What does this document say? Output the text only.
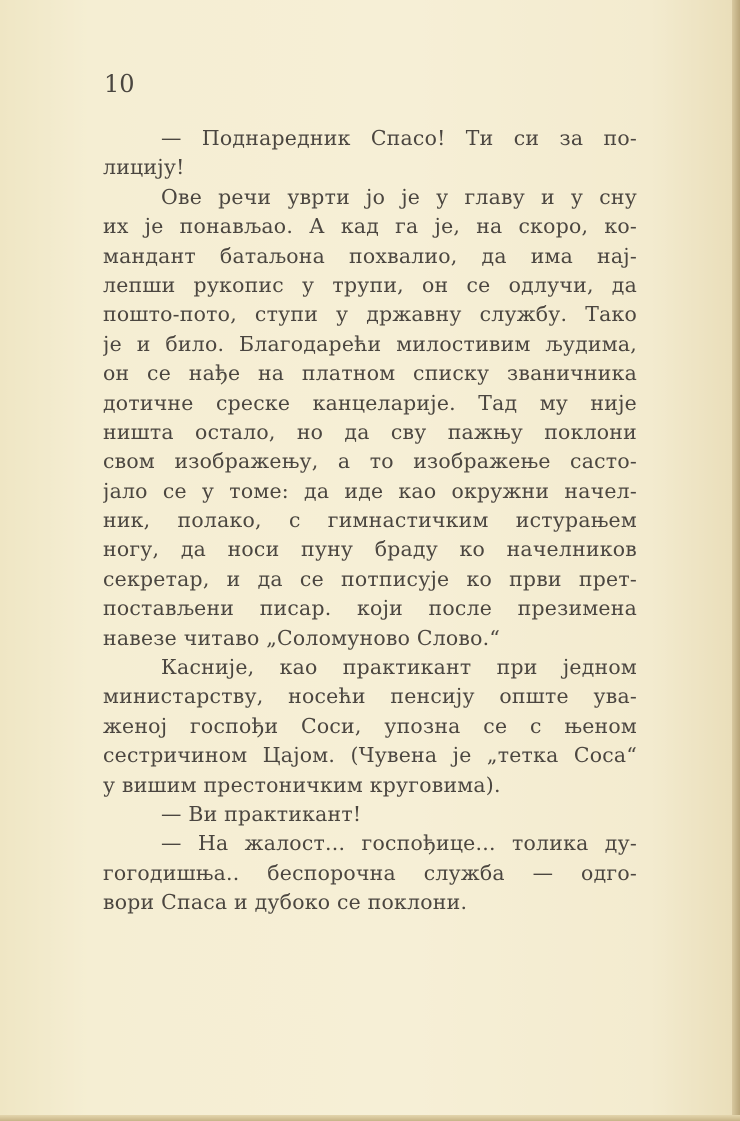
10
— Поднаредник Спасо! Ти си за по-
лицију!
Ове речи уврти јо је у главу и у сну
их је понављао. А кад га је, на скоро, ко-
мандант батаљона похвалио, да има нај-
лепши рукопис у трупи, он се одлучи, да
пошто-пото, ступи у државну службу. Тако
је и било. Благодарећи милостивим људима,
он се нађе на платном списку званичника
дотичне среске канцеларије. Тад му није
ништа остало, но да сву пажњу поклони
свом изображењу, а то изображење састо-
јало се у томе: да иде као окружни начел-
ник, полако, с гимнастичким истурањем
ногу, да носи пуну браду ко начелников
секретар, и да се потписује ко први прет-
постављени писар. који после презимена
навезе читаво „Соломуново Слово.“
Касније, као практикант при једном
министарству, носећи пенсију опште ува-
женој госпођи Соси, упозна се с њеном
сестричином Цајом. (Чувена је „тетка Соса“
у вишим престоничким круговима).
— Ви практикант!
— На жалост... госпођице... толика ду-
гогодишња.. беспорочна служба — одго-
вори Спаса и дубоко се поклони.
